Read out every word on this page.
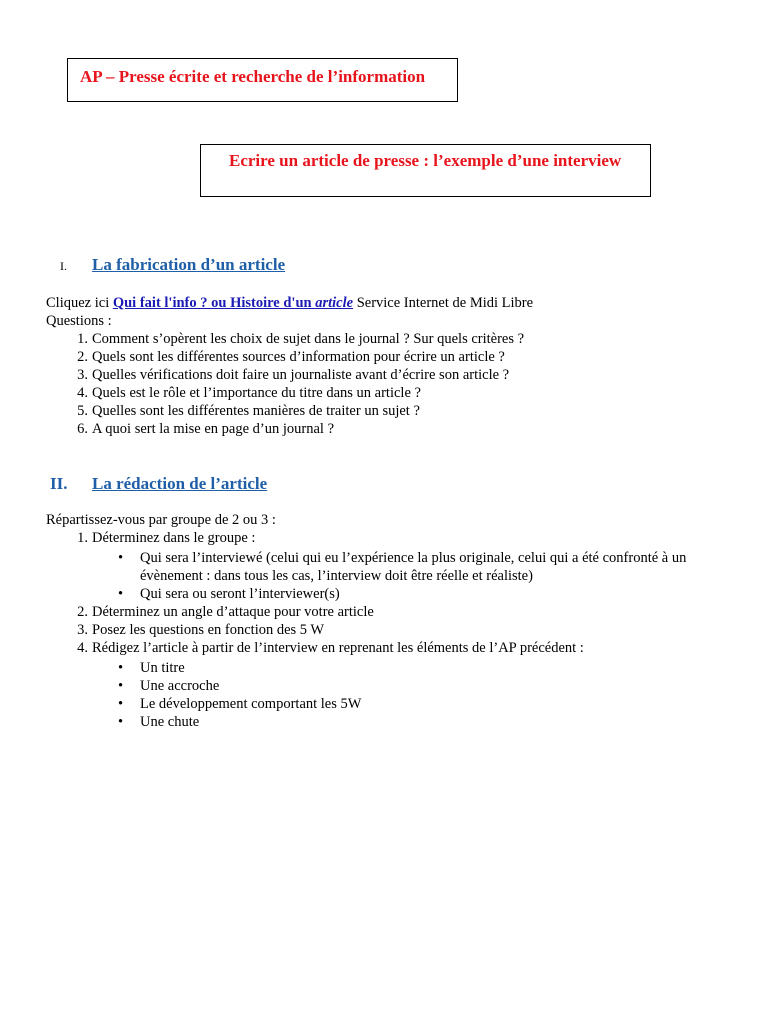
AP – Presse écrite et recherche de l’information
Ecrire un article de presse : l’exemple d’une interview
I. La fabrication d’un article
Cliquez ici Qui fait l'info ? ou Histoire d'un article Service Internet de Midi Libre
Questions :
1. Comment s’opèrent les choix de sujet dans le journal ? Sur quels critères ?
2. Quels sont les différentes sources d’information pour écrire un article ?
3. Quelles vérifications doit faire un journaliste avant d’écrire son article ?
4. Quels est le rôle et l’importance du titre dans un article ?
5. Quelles sont les différentes manières de traiter un sujet ?
6. A quoi sert la mise en page d’un journal ?
II. La rédaction de l’article
Répartissez-vous par groupe de 2 ou 3 :
1. Déterminez dans le groupe :
• Qui sera l’interviewé (celui qui eu l’expérience la plus originale, celui qui a été confronté à un évènement : dans tous les cas, l’interview doit être réelle et réaliste)
• Qui sera ou seront l’interviewer(s)
2. Déterminez un angle d’attaque pour votre article
3. Posez les questions en fonction des 5 W
4. Rédigez l’article à partir de l’interview en reprenant les éléments de l’AP précédent :
• Un titre
• Une accroche
• Le développement comportant les 5W
• Une chute
